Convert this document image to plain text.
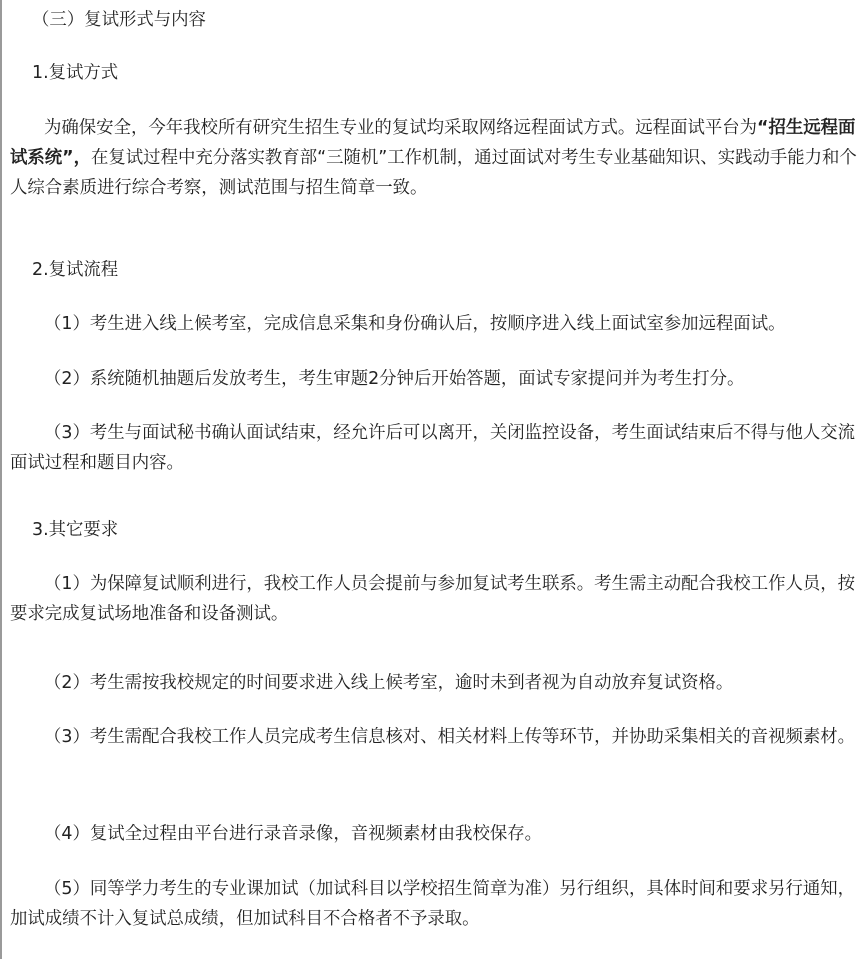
（三）复试形式与内容

1.复试方式

为确保安全，今年我校所有研究生招生专业的复试均采取网络远程面试方式。远程面试平台为“招生远程面试系统”，在复试过程中充分落实教育部“三随机”工作机制，通过面试对考生专业基础知识、实践动手能力和个人综合素质进行综合考察，测试范围与招生简章一致。

2.复试流程

（1）考生进入线上候考室，完成信息采集和身份确认后，按顺序进入线上面试室参加远程面试。

（2）系统随机抽题后发放考生，考生审题2分钟后开始答题，面试专家提问并为考生打分。

（3）考生与面试秘书确认面试结束，经允许后可以离开，关闭监控设备，考生面试结束后不得与他人交流面试过程和题目内容。

3.其它要求

（1）为保障复试顺利进行，我校工作人员会提前与参加复试考生联系。考生需主动配合我校工作人员，按要求完成复试场地准备和设备测试。

（2）考生需按我校规定的时间要求进入线上候考室，逾时未到者视为自动放弃复试资格。

（3）考生需配合我校工作人员完成考生信息核对、相关材料上传等环节，并协助采集相关的音视频素材。

（4）复试全过程由平台进行录音录像，音视频素材由我校保存。

（5）同等学力考生的专业课加试（加试科目以学校招生简章为准）另行组织，具体时间和要求另行通知，加试成绩不计入复试总成绩，但加试科目不合格者不予录取。
